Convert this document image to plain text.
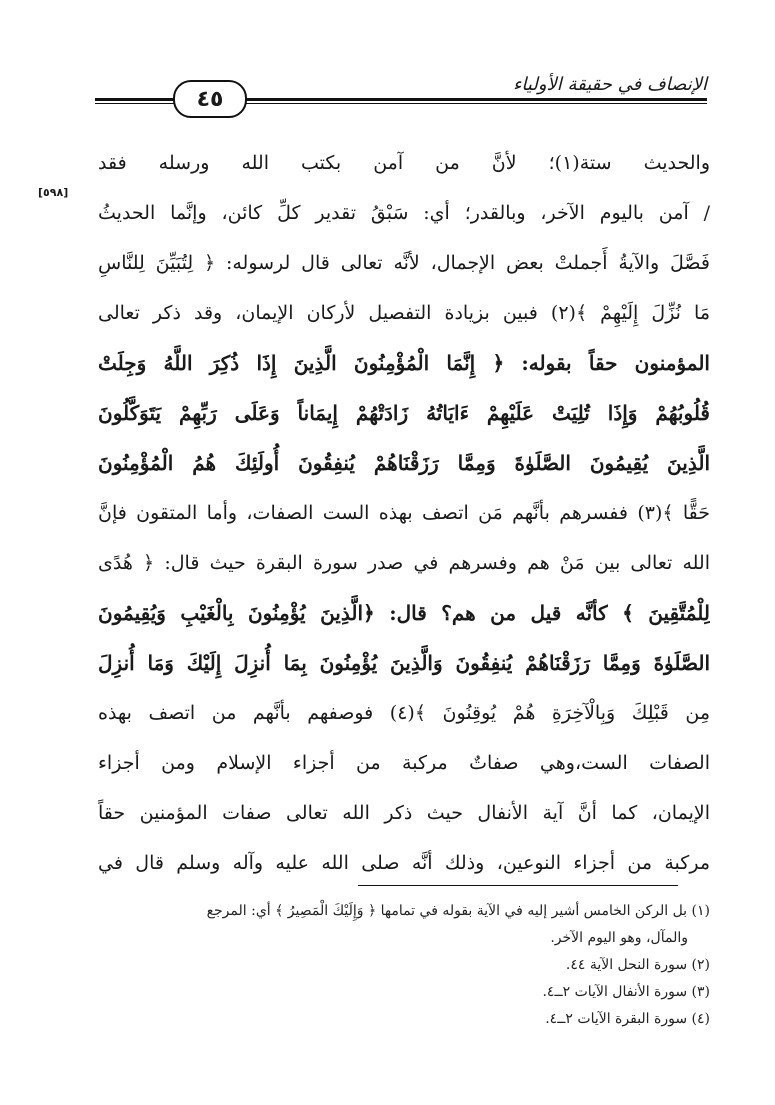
الإنصاف في حقيقة الأولياء
٤٥
[٥٩٨]
والحديث ستة(١)؛ لأنَّ من آمن بكتب الله ورسله فقد
/ آمن باليوم الآخر، وبالقدر؛ أي: سَبْقُ تقدير كلِّ كائن، وإنَّما الحديثُ
فَصَّلَ والآيةُ أَجملتْ بعض الإجمال، لأنَّه تعالى قال لرسوله: ﴿ لِتُبَيِّنَ لِلنَّاسِ
مَا نُزِّلَ إِلَيْهِمْ ﴾(٢) فبين بزيادة التفصيل لأركان الإيمان، وقد ذكر تعالى
المؤمنون حقاً بقوله: ﴿ إِنَّمَا الْمُؤْمِنُونَ الَّذِينَ إِذَا ذُكِرَ اللَّهُ وَجِلَتْ
قُلُوبُهُمْ وَإِذَا تُلِيَتْ عَلَيْهِمْ ءَايَاتُهُ زَادَتْهُمْ إِيمَاناً وَعَلَى رَبِّهِمْ يَتَوَكَّلُونَ
الَّذِينَ يُقِيمُونَ الصَّلَوٰةَ وَمِمَّا رَزَقْنَاهُمْ يُنفِقُونَ أُولَئِكَ هُمُ الْمُؤْمِنُونَ
حَقًّا ﴾(٣) ففسرهم بأنَّهم مَن اتصف بهذه الست الصفات، وأما المتقون فإنَّ
الله تعالى بين مَنْ هم وفسرهم في صدر سورة البقرة حيث قال: ﴿ هُدًى
لِلْمُتَّقِينَ ﴾ كأنَّه قيل من هم؟ قال: ﴿الَّذِينَ يُؤْمِنُونَ بِالْغَيْبِ وَيُقِيمُونَ
الصَّلَوٰةَ وَمِمَّا رَزَقْنَاهُمْ يُنفِقُونَ وَالَّذِينَ يُؤْمِنُونَ بِمَا أُنزِلَ إِلَيْكَ وَمَا أُنزِلَ
مِن قَبْلِكَ وَبِالْآخِرَةِ هُمْ يُوقِنُونَ ﴾(٤) فوصفهم بأنَّهم من اتصف بهذه
الصفات الست،وهي صفاتٌ مركبة من أجزاء الإسلام ومن أجزاء
الإيمان، كما أنَّ آية الأنفال حيث ذكر الله تعالى صفات المؤمنين حقاً
مركبة من أجزاء النوعين، وذلك أنَّه صلى الله عليه وآله وسلم قال في
(١) بل الركن الخامس أشير إليه في الآية بقوله في تمامها ﴿ وَإِلَيْكَ الْمَصِيرُ ﴾ أي: المرجع
والمآل، وهو اليوم الآخر.
(٢) سورة النحل الآية ٤٤.
(٣) سورة الأنفال الآيات ٢ــ٤.
(٤) سورة البقرة الآيات ٢ــ٤.
